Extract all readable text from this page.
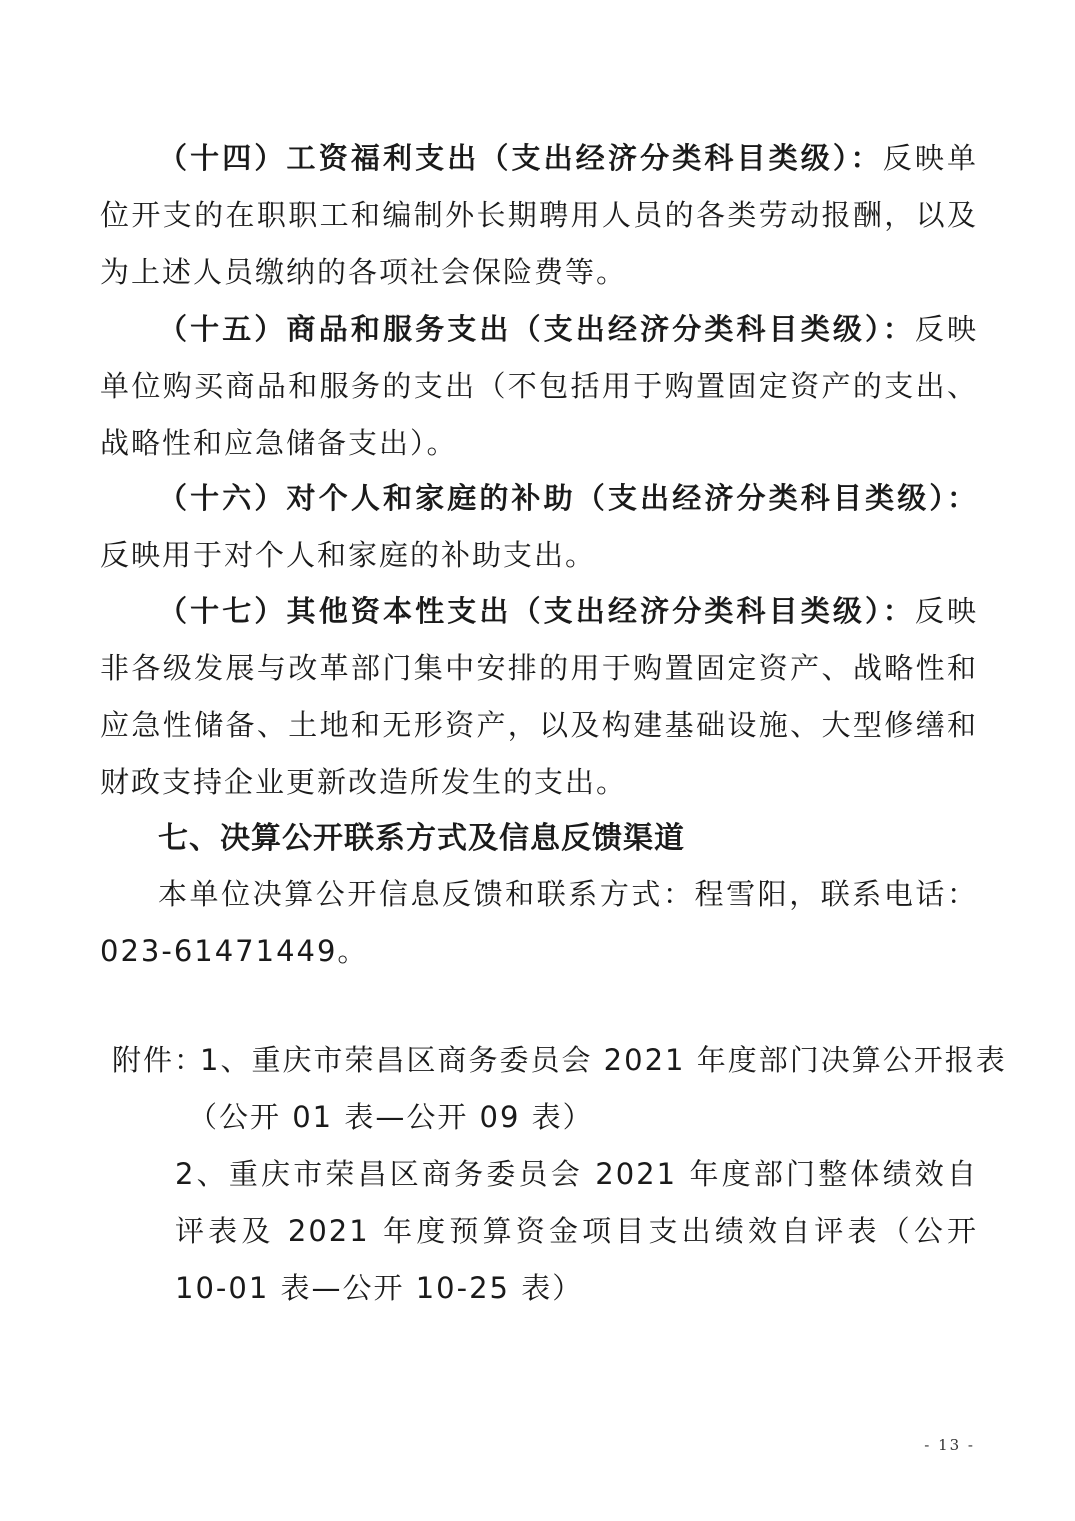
（十四）工资福利支出（支出经济分类科目类级）：反映单位开支的在职职工和编制外长期聘用人员的各类劳动报酬，以及为上述人员缴纳的各项社会保险费等。

（十五）商品和服务支出（支出经济分类科目类级）：反映单位购买商品和服务的支出（不包括用于购置固定资产的支出、战略性和应急储备支出）。

（十六）对个人和家庭的补助（支出经济分类科目类级）：反映用于对个人和家庭的补助支出。

（十七）其他资本性支出（支出经济分类科目类级）：反映非各级发展与改革部门集中安排的用于购置固定资产、战略性和应急性储备、土地和无形资产，以及构建基础设施、大型修缮和财政支持企业更新改造所发生的支出。

七、决算公开联系方式及信息反馈渠道

本单位决算公开信息反馈和联系方式：程雪阳，联系电话：023-61471449。

附件：

1、重庆市荣昌区商务委员会 2021 年度部门决算公开报表

（公开 01 表—公开 09 表）

2、重庆市荣昌区商务委员会 2021 年度部门整体绩效自评表及 2021 年度预算资金项目支出绩效自评表（公开 10-01 表—公开 10-25 表）

- 13 -
